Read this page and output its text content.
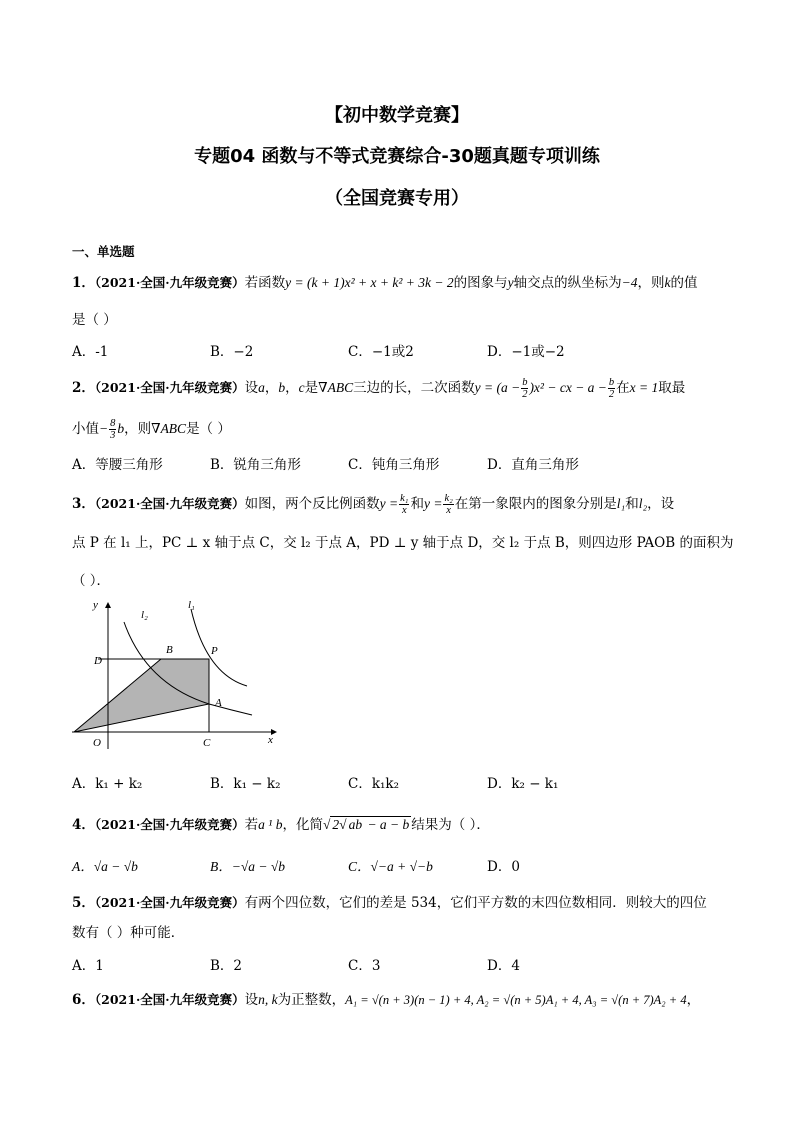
【初中数学竞赛】
专题04 函数与不等式竞赛综合-30题真题专项训练
（全国竞赛专用）
一、单选题
1．（2021·全国·九年级竞赛）若函数y = (k + 1)x² + x + k² + 3k − 2的图象与y轴交点的纵坐标为−4，则k的值
是（ ）
A．-1	B．−2	C．−1或2	D．−1或−2
2．（2021·全国·九年级竞赛）设a，b，c是∇ABC三边的长，二次函数$y = (a - \frac{b}{2} )x^2$ − cx − $a - \frac{b}{2}$ 在x = 1取最
小值− $\frac{8}{3}$ b，则∇ABC是（ ）
A．等腰三角形	B．锐角三角形	C．钝角三角形	D．直角三角形
3．（2021·全国·九年级竞赛）如图，两个反比例函数$y = \frac{\text{k₁}}{x}$ 和$y = \frac{\text{k₂}}{x}$ 在第一象限内的图象分别是l₁和l₂，设
点 P 在 l₁ 上，PC ⊥ x 轴于点 C，交 l₂ 于点 A，PD ⊥ y 轴于点 D，交 l₂ 于点 B，则四边形 PAOB 的面积为
（ ）．
y
x
l₂
l₁
B	P
D
A
O	C
A．k₁ + k₂	B．k₁ − k₂	C．k₁k₂	D．k₂ − k₁
4．（2021·全国·九年级竞赛）若a ¹ b，化简√ 2√ ab − a − b 结果为（ ）．
A．√a − √b	B．−√a − √b	C．√−a + √−b	D．0
5．（2021·全国·九年级竞赛）有两个四位数，它们的差是 534，它们平方数的末四位数相同．则较大的四位
数有（ ）种可能．
A．1	B．2	C．3	D．4
6．（2021·全国·九年级竞赛）设n, k为正整数，A₁ = √(n + 3)(n − 1) + 4, A₂ = √(n + 5)A₁ + 4, A₃ = √(n + 7)A₂ + 4，
